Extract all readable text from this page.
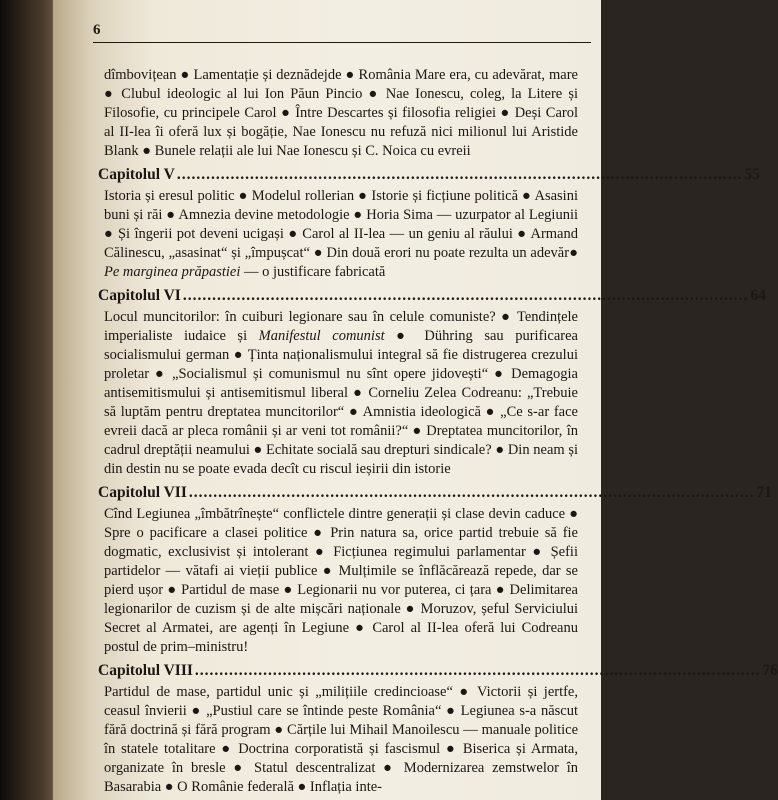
6

dîmbovițean ● Lamentație și deznădejde ● România Mare era, cu adevărat, mare ● Clubul ideologic al lui Ion Păun Pincio ● Nae Ionescu, coleg, la Litere și Filosofie, cu principele Carol ● Între Descartes și filosofia religiei ● Deși Carol al II-lea îi oferă lux și bogăție, Nae Ionescu nu refuză nici milionul lui Aristide Blank ● Bunele relații ale lui Nae Ionescu și C. Noica cu evreii

Capitolul V .................................................................................................................... 55

Istoria și eresul politic ● Modelul rollerian ● Istorie și ficțiune politică ● Asasini buni și răi ● Amnezia devine metodologie ● Horia Sima — uzurpator al Legiunii ● Și îngerii pot deveni ucigași ● Carol al II-lea — un geniu al răului ● Armand Călinescu, „asasinat“ și „împușcat“ ● Din două erori nu poate rezulta un adevăr● Pe marginea prăpastiei — o justificare fabricată

Capitolul VI .................................................................................................................... 64

Locul muncitorilor: în cuiburi legionare sau în celule comuniste? ● Tendințele imperialiste iudaice și Manifestul comunist ● Dühring sau purificarea socialismului german ● Ținta naționalismului integral să fie distrugerea crezului proletar ● „Socialismul și comunismul nu sînt opere jidovești“ ● Demagogia antisemitismului și antisemitismul liberal ● Corneliu Zelea Codreanu: „Trebuie să luptăm pentru dreptatea muncitorilor“ ● Amnistia ideologică ● „Ce s-ar face evreii dacă ar pleca românii și ar veni tot românii?“ ● Dreptatea muncitorilor, în cadrul dreptății neamului ● Echitate socială sau drepturi sindicale? ● Din neam și din destin nu se poate evada decît cu riscul ieșirii din istorie

Capitolul VII .................................................................................................................... 71

Cînd Legiunea „îmbătrînește“ conflictele dintre generații și clase devin caduce ● Spre o pacificare a clasei politice ● Prin natura sa, orice partid trebuie să fie dogmatic, exclusivist și intolerant ● Ficțiunea regimului parlamentar ● Șefii partidelor — vătafi ai vieții publice ● Mulțimile se înflăcărează repede, dar se pierd ușor ● Partidul de mase ● Legionarii nu vor puterea, ci țara ● Delimitarea legionarilor de cuzism și de alte mișcări naționale ● Moruzov, șeful Serviciului Secret al Armatei, are agenți în Legiune ● Carol al II-lea oferă lui Codreanu postul de prim–ministru!

Capitolul VIII .................................................................................................................... 76

Partidul de mase, partidul unic și „milițiile credincioase“ ● Victorii și jertfe, ceasul învierii ● „Pustiul care se întinde peste România“ ● Legiunea s-a născut fără doctrină și fără program ● Cărțile lui Mihail Manoilescu — manuale politice în statele totalitare ● Doctrina corporatistă și fascismul ● Biserica și Armata, organizate în bresle ● Statul descentralizat ● Modernizarea zemstwelor în Basarabia ● O Românie federală ● Inflația inte-
